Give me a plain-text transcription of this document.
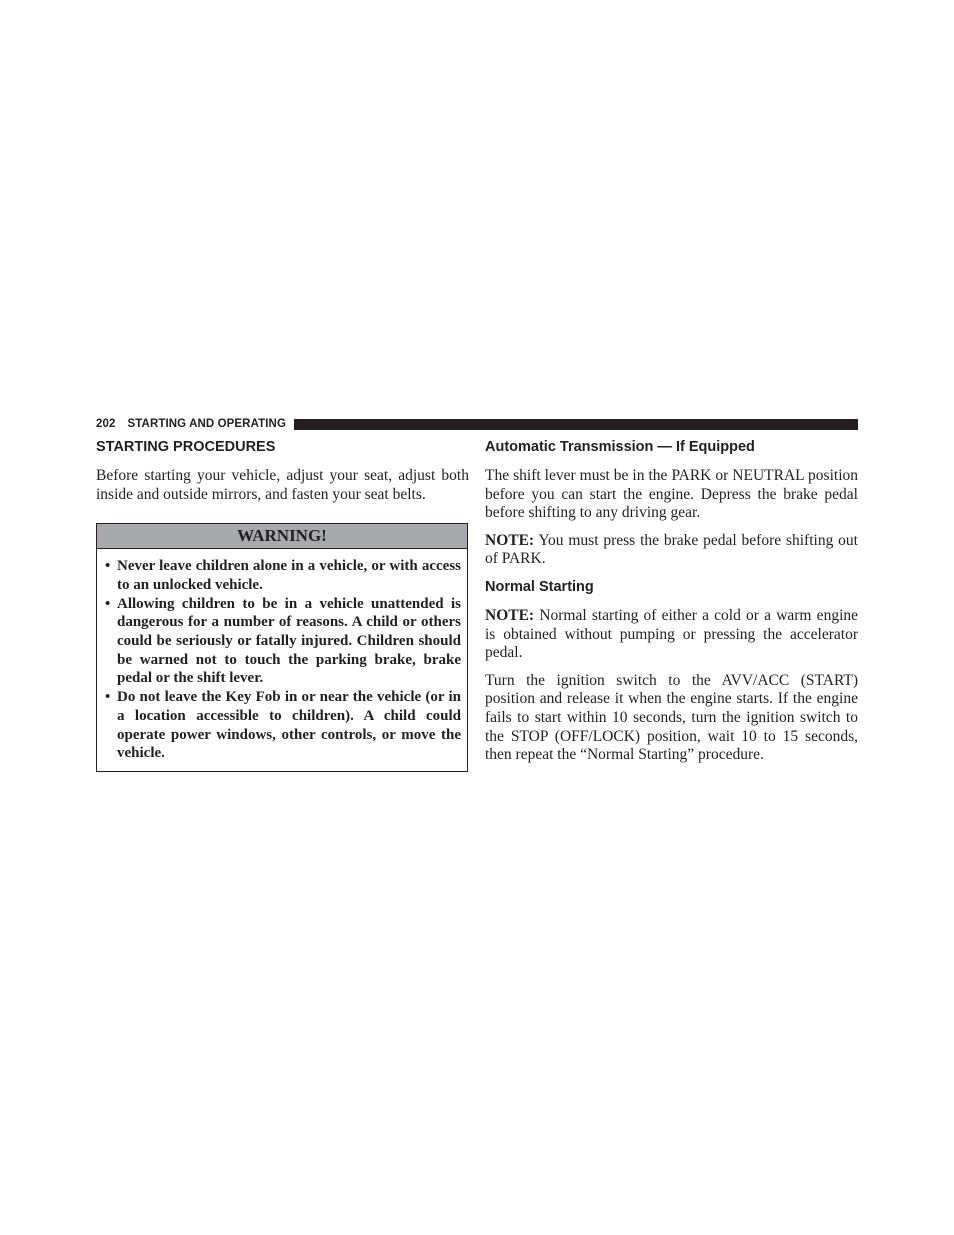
202 STARTING AND OPERATING
STARTING PROCEDURES

Before starting your vehicle, adjust your seat, adjust both inside and outside mirrors, and fasten your seat belts.

WARNING!
• Never leave children alone in a vehicle, or with access to an unlocked vehicle.
• Allowing children to be in a vehicle unattended is dangerous for a number of reasons. A child or others could be seriously or fatally injured. Children should be warned not to touch the parking brake, brake pedal or the shift lever.
• Do not leave the Key Fob in or near the vehicle (or in a location accessible to children). A child could operate power windows, other controls, or move the vehicle.
Automatic Transmission — If Equipped

The shift lever must be in the PARK or NEUTRAL position before you can start the engine. Depress the brake pedal before shifting to any driving gear.

NOTE: You must press the brake pedal before shifting out of PARK.

Normal Starting

NOTE: Normal starting of either a cold or a warm engine is obtained without pumping or pressing the accelerator pedal.

Turn the ignition switch to the AVV/ACC (START) position and release it when the engine starts. If the engine fails to start within 10 seconds, turn the ignition switch to the STOP (OFF/LOCK) position, wait 10 to 15 seconds, then repeat the “Normal Starting” procedure.
